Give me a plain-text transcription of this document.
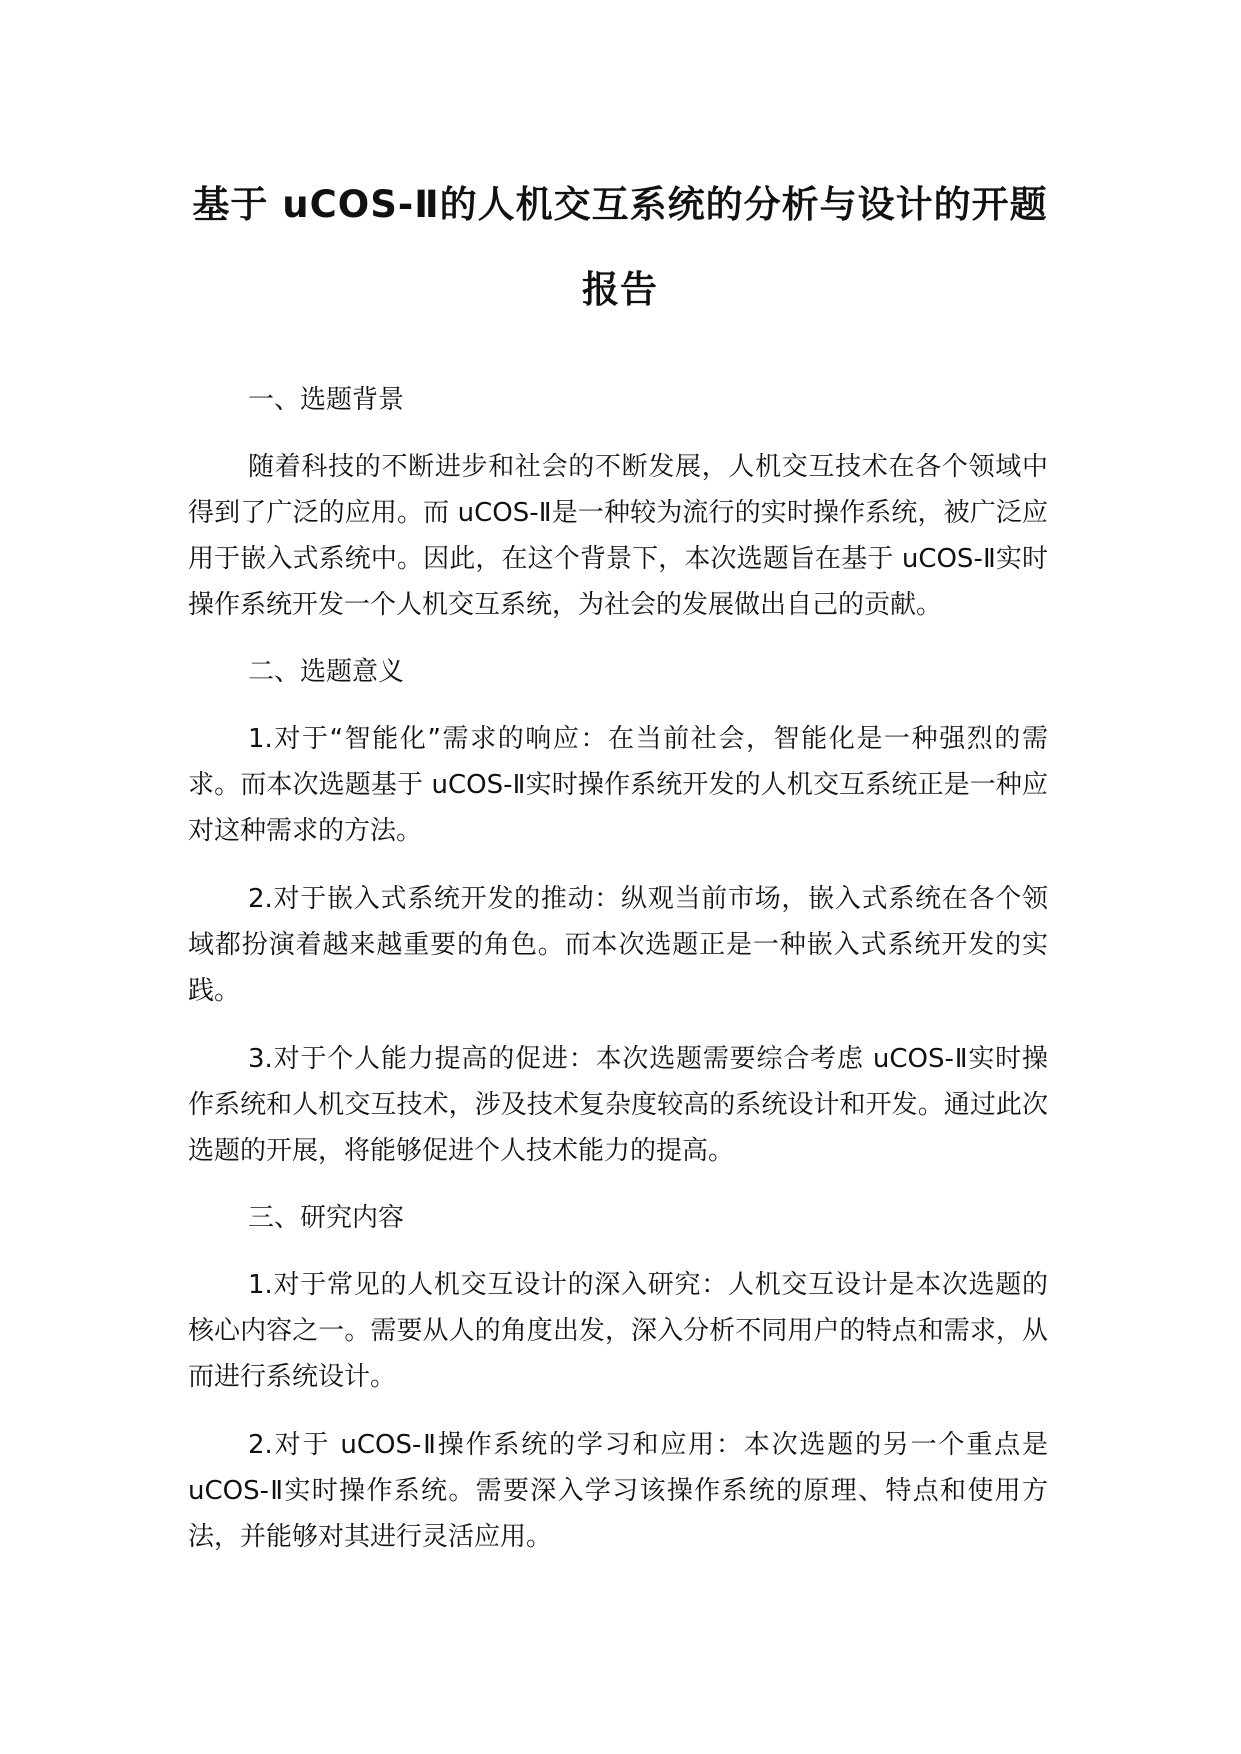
基于 uCOS-Ⅱ的人机交互系统的分析与设计的开题
报告
一、选题背景

随着科技的不断进步和社会的不断发展，人机交互技术在各个领域中得到了广泛的应用。而 uCOS-Ⅱ是一种较为流行的实时操作系统，被广泛应用于嵌入式系统中。因此，在这个背景下，本次选题旨在基于 uCOS-Ⅱ实时操作系统开发一个人机交互系统，为社会的发展做出自己的贡献。

二、选题意义

1.对于“智能化”需求的响应：在当前社会，智能化是一种强烈的需求。而本次选题基于 uCOS-Ⅱ实时操作系统开发的人机交互系统正是一种应对这种需求的方法。

2.对于嵌入式系统开发的推动：纵观当前市场，嵌入式系统在各个领域都扮演着越来越重要的角色。而本次选题正是一种嵌入式系统开发的实践。

3.对于个人能力提高的促进：本次选题需要综合考虑 uCOS-Ⅱ实时操作系统和人机交互技术，涉及技术复杂度较高的系统设计和开发。通过此次选题的开展，将能够促进个人技术能力的提高。

三、研究内容

1.对于常见的人机交互设计的深入研究：人机交互设计是本次选题的核心内容之一。需要从人的角度出发，深入分析不同用户的特点和需求，从而进行系统设计。

2.对于 uCOS-Ⅱ操作系统的学习和应用：本次选题的另一个重点是 uCOS-Ⅱ实时操作系统。需要深入学习该操作系统的原理、特点和使用方法，并能够对其进行灵活应用。
